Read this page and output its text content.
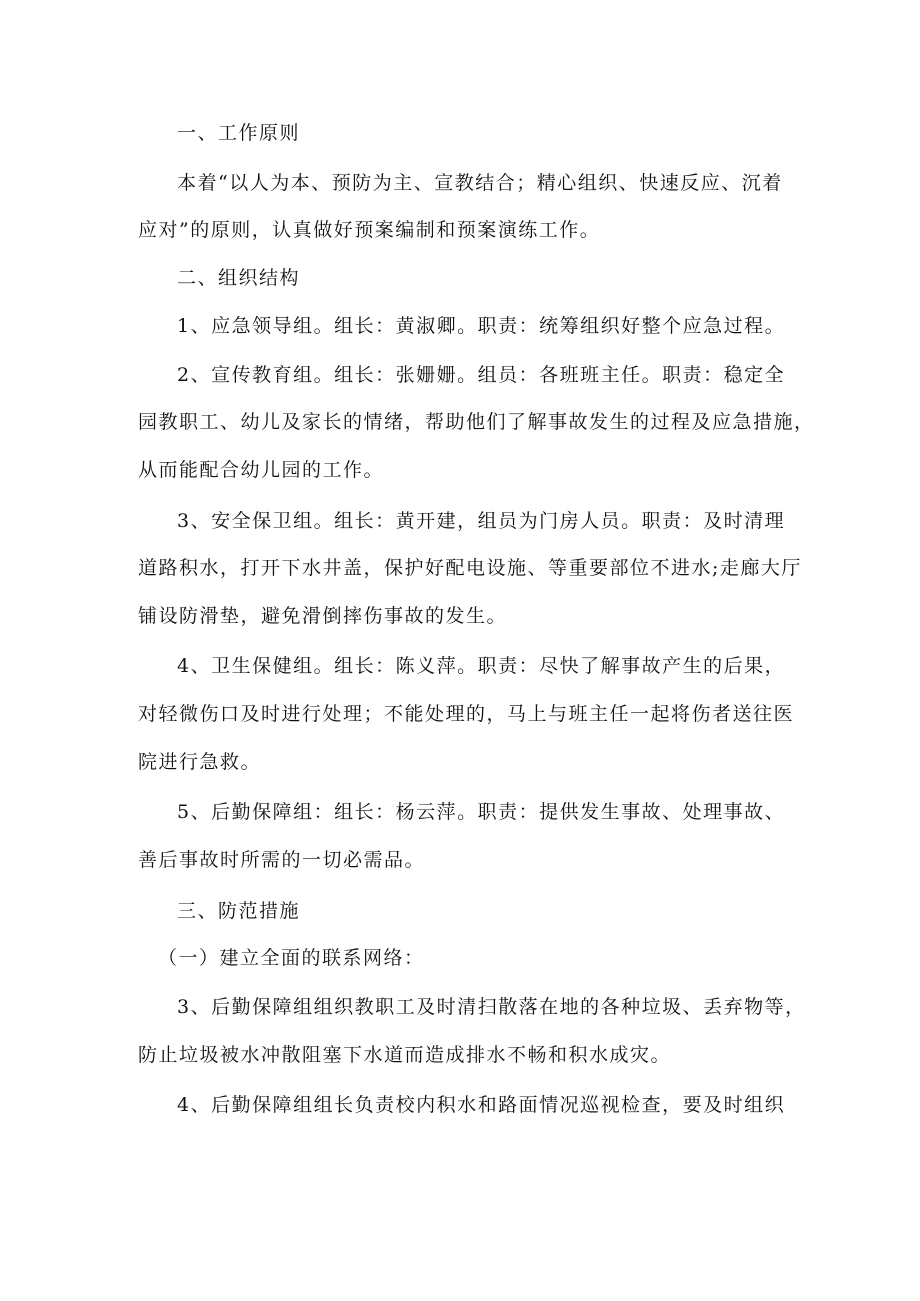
一、工作原则
本着“以人为本、预防为主、宣教结合；精心组织、快速反应、沉着
应对”的原则，认真做好预案编制和预案演练工作。
二、组织结构
1、应急领导组。组长：黄淑卿。职责：统筹组织好整个应急过程。
2、宣传教育组。组长：张姗姗。组员：各班班主任。职责：稳定全
园教职工、幼儿及家长的情绪，帮助他们了解事故发生的过程及应急措施，
从而能配合幼儿园的工作。
3、安全保卫组。组长：黄开建，组员为门房人员。职责：及时清理
道路积水，打开下水井盖，保护好配电设施、等重要部位不进水;走廊大厅
铺设防滑垫，避免滑倒摔伤事故的发生。
4、卫生保健组。组长：陈义萍。职责：尽快了解事故产生的后果，
对轻微伤口及时进行处理；不能处理的，马上与班主任一起将伤者送往医
院进行急救。
5、后勤保障组：组长：杨云萍。职责：提供发生事故、处理事故、
善后事故时所需的一切必需品。
三、防范措施
（一）建立全面的联系网络：
3、后勤保障组组织教职工及时清扫散落在地的各种垃圾、丢弃物等，
防止垃圾被水冲散阻塞下水道而造成排水不畅和积水成灾。
4、后勤保障组组长负责校内积水和路面情况巡视检查，要及时组织
